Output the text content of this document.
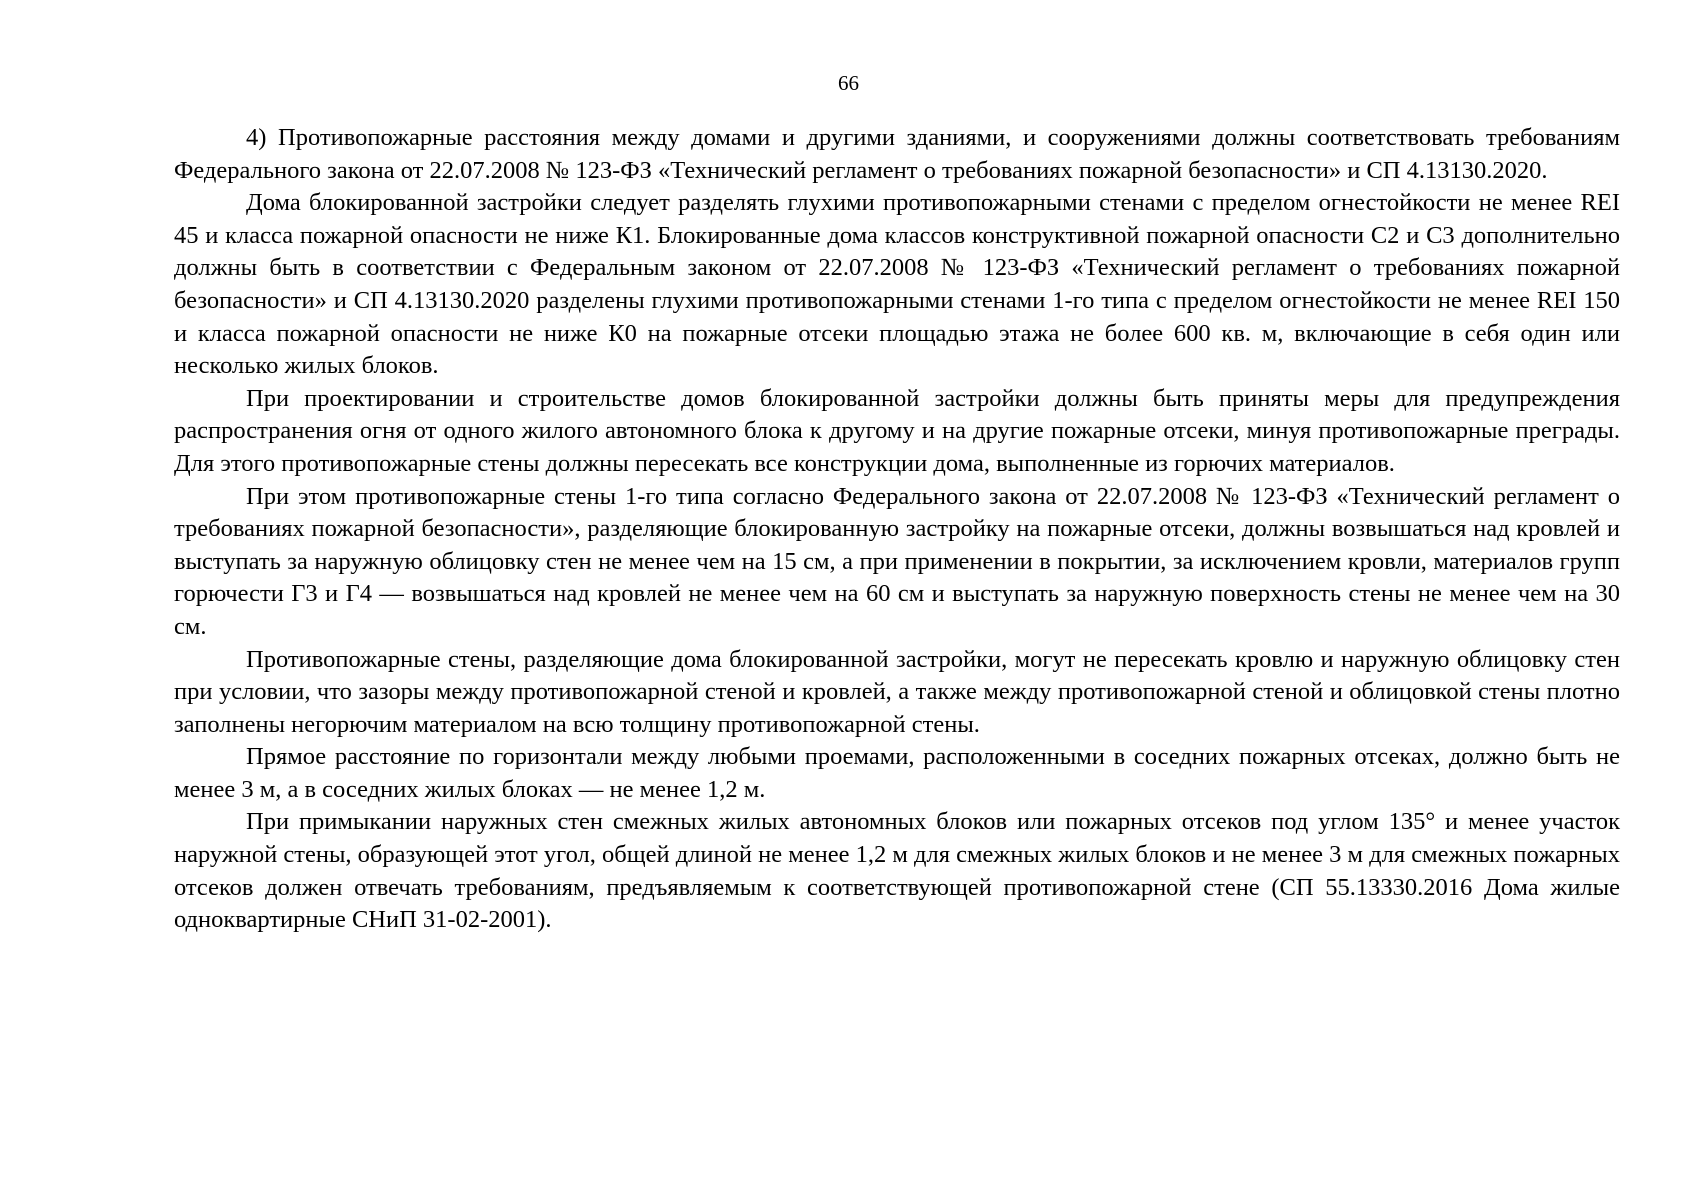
66

4) Противопожарные расстояния между домами и другими зданиями, и сооружениями должны соответствовать требованиям Федерального закона от 22.07.2008 № 123-ФЗ «Технический регламент о требованиях пожарной безопасности» и СП 4.13130.2020.

Дома блокированной застройки следует разделять глухими противопожарными стенами с пределом огнестойкости не менее REI 45 и класса пожарной опасности не ниже К1. Блокированные дома классов конструктивной пожарной опасности С2 и С3 дополнительно должны быть в соответствии с Федеральным законом от 22.07.2008 № 123-ФЗ «Технический регламент о требованиях пожарной безопасности» и СП 4.13130.2020 разделены глухими противопожарными стенами 1-го типа с пределом огнестойкости не менее REI 150 и класса пожарной опасности не ниже К0 на пожарные отсеки площадью этажа не более 600 кв. м, включающие в себя один или несколько жилых блоков.

При проектировании и строительстве домов блокированной застройки должны быть приняты меры для предупреждения распространения огня от одного жилого автономного блока к другому и на другие пожарные отсеки, минуя противопожарные преграды. Для этого противопожарные стены должны пересекать все конструкции дома, выполненные из горючих материалов.

При этом противопожарные стены 1-го типа согласно Федерального закона от 22.07.2008 № 123-ФЗ «Технический регламент о требованиях пожарной безопасности», разделяющие блокированную застройку на пожарные отсеки, должны возвышаться над кровлей и выступать за наружную облицовку стен не менее чем на 15 см, а при применении в покрытии, за исключением кровли, материалов групп горючести Г3 и Г4 — возвышаться над кровлей не менее чем на 60 см и выступать за наружную поверхность стены не менее чем на 30 см.

Противопожарные стены, разделяющие дома блокированной застройки, могут не пересекать кровлю и наружную облицовку стен при условии, что зазоры между противопожарной стеной и кровлей, а также между противопожарной стеной и облицовкой стены плотно заполнены негорючим материалом на всю толщину противопожарной стены.

Прямое расстояние по горизонтали между любыми проемами, расположенными в соседних пожарных отсеках, должно быть не менее 3 м, а в соседних жилых блоках — не менее 1,2 м.

При примыкании наружных стен смежных жилых автономных блоков или пожарных отсеков под углом 135° и менее участок наружной стены, образующей этот угол, общей длиной не менее 1,2 м для смежных жилых блоков и не менее 3 м для смежных пожарных отсеков должен отвечать требованиям, предъявляемым к соответствующей противопожарной стене (СП 55.13330.2016 Дома жилые одноквартирные СНиП 31-02-2001).
